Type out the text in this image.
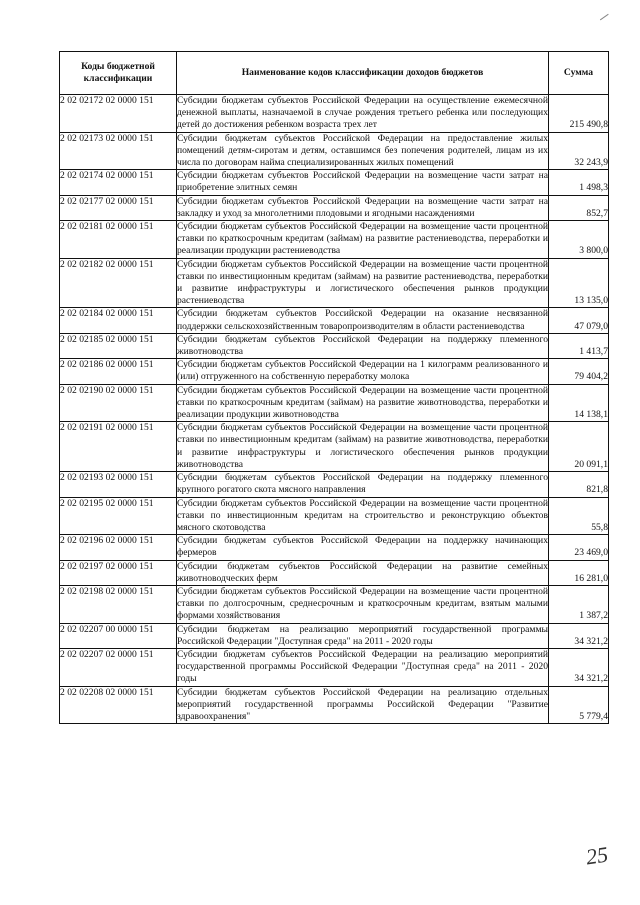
Коды бюджетной классификации	Наименование кодов классификации доходов бюджетов	Сумма
2 02 02172 02 0000 151	Субсидии бюджетам субъектов Российской Федерации на осуществление ежемесячной денежной выплаты, назначаемой в случае рождения третьего ребенка или последующих детей до достижения ребенком возраста трех лет	215 490,8
2 02 02173 02 0000 151	Субсидии бюджетам субъектов Российской Федерации на предоставление жилых помещений детям-сиротам и детям, оставшимся без попечения родителей, лицам из их числа по договорам найма специализированных жилых помещений	32 243,9
2 02 02174 02 0000 151	Субсидии бюджетам субъектов Российской Федерации на возмещение части затрат на приобретение элитных семян	1 498,3
2 02 02177 02 0000 151	Субсидии бюджетам субъектов Российской Федерации на возмещение части затрат на закладку и уход за многолетними плодовыми и ягодными насаждениями	852,7
2 02 02181 02 0000 151	Субсидии бюджетам субъектов Российской Федерации на возмещение части процентной ставки по краткосрочным кредитам (займам) на развитие растениеводства, переработки и реализации продукции растениеводства	3 800,0
2 02 02182 02 0000 151	Субсидии бюджетам субъектов Российской Федерации на возмещение части процентной ставки по инвестиционным кредитам (займам) на развитие растениеводства, переработки и развитие инфраструктуры и логистического обеспечения рынков продукции растениеводства	13 135,0
2 02 02184 02 0000 151	Субсидии бюджетам субъектов Российской Федерации на оказание несвязанной поддержки сельскохозяйственным товаропроизводителям в области растениеводства	47 079,0
2 02 02185 02 0000 151	Субсидии бюджетам субъектов Российской Федерации на поддержку племенного животноводства	1 413,7
2 02 02186 02 0000 151	Субсидии бюджетам субъектов Российской Федерации на 1 килограмм реализованного и (или) отгруженного на собственную переработку молока	79 404,2
2 02 02190 02 0000 151	Субсидии бюджетам субъектов Российской Федерации на возмещение части процентной ставки по краткосрочным кредитам (займам) на развитие животноводства, переработки и реализации продукции животноводства	14 138,1
2 02 02191 02 0000 151	Субсидии бюджетам субъектов Российской Федерации на возмещение части процентной ставки по инвестиционным кредитам (займам) на развитие животноводства, переработки и развитие инфраструктуры и логистического обеспечения рынков продукции животноводства	20 091,1
2 02 02193 02 0000 151	Субсидии бюджетам субъектов Российской Федерации на поддержку племенного крупного рогатого скота мясного направления	821,8
2 02 02195 02 0000 151	Субсидии бюджетам субъектов Российской Федерации на возмещение части процентной ставки по инвестиционным кредитам на строительство и реконструкцию объектов мясного скотоводства	55,8
2 02 02196 02 0000 151	Субсидии бюджетам субъектов Российской Федерации на поддержку начинающих фермеров	23 469,0
2 02 02197 02 0000 151	Субсидии бюджетам субъектов Российской Федерации на развитие семейных животноводческих ферм	16 281,0
2 02 02198 02 0000 151	Субсидии бюджетам субъектов Российской Федерации на возмещение части процентной ставки по долгосрочным, среднесрочным и краткосрочным кредитам, взятым малыми формами хозяйствования	1 387,2
2 02 02207 00 0000 151	Субсидии бюджетам на реализацию мероприятий государственной программы Российской Федерации "Доступная среда" на 2011 - 2020 годы	34 321,2
2 02 02207 02 0000 151	Субсидии бюджетам субъектов Российской Федерации на реализацию мероприятий государственной программы Российской Федерации "Доступная среда" на 2011 - 2020 годы	34 321,2
2 02 02208 02 0000 151	Субсидии бюджетам субъектов Российской Федерации на реализацию отдельных мероприятий государственной программы Российской Федерации "Развитие здравоохранения"	5 779,4
25
